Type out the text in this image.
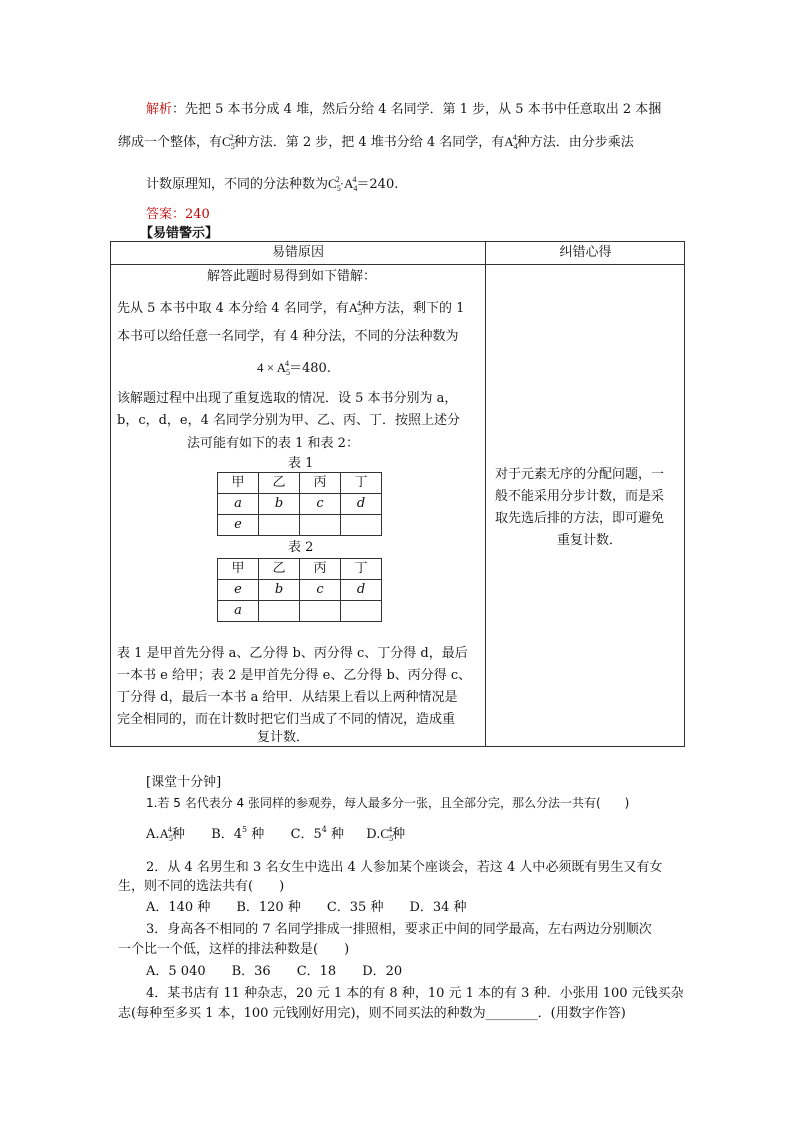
解析：先把 5 本书分成 4 堆，然后分给 4 名同学．第 1 步，从 5 本书中任意取出 2 本捆
绑成一个整体，有$C_5^2$种方法．第 2 步，把 4 堆书分给 4 名同学，有$A_4^4$种方法．由分步乘法
计数原理知，不同的分法种数为$C_5^2\cdot A_4^4=240$.
答案：240
【易错警示】
易错原因	纠错心得
解答此题时易得到如下错解：
先从 5 本书中取 4 本分给 4 名同学，有$A_5^4$种方法，剩下的 1
本书可以给任意一名同学，有 4 种分法，不同的分法种数为
$4 \times A_5^4=480$.
该解题过程中出现了重复选取的情况．设 5 本书分别为 a，
b，c，d，e，4 名同学分别为甲、乙、丙、丁．按照上述分
法可能有如下的表 1 和表 2：
表 1
甲	乙	丙	丁
a	b	c	d
e			
表 2
甲	乙	丙	丁
e	b	c	d
a			
表 1 是甲首先分得 a、乙分得 b、丙分得 c、丁分得 d，最后
一本书 e 给甲；表 2 是甲首先分得 e、乙分得 b、丙分得 c、
丁分得 d，最后一本书 a 给甲．从结果上看以上两种情况是
完全相同的，而在计数时把它们当成了不同的情况，造成重
复计数．
对于元素无序的分配问题，一
般不能采用分步计数，而是采
取先选后排的方法，即可避免
重复计数．
[课堂十分钟]
1.若 5 名代表分 4 张同样的参观券，每人最多分一张，且全部分完，那么分法一共有(　　)
$A.A_5^4$种 B．$4^5$ 种 C．$5^4$ 种 $D.C_5^4$种
2．从 4 名男生和 3 名女生中选出 4 人参加某个座谈会，若这 4 人中必须既有男生又有女
生，则不同的选法共有(　　)
A．140 种　　B．120 种　　C．35 种　　D．34 种
3．身高各不相同的 7 名同学排成一排照相，要求正中间的同学最高，左右两边分别顺次
一个比一个低，这样的排法种数是(　　)
A．5 040　　B．36　　C．18　　D．20
4．某书店有 11 种杂志，20 元 1 本的有 8 种，10 元 1 本的有 3 种．小张用 100 元钱买杂
志(每种至多买 1 本，100 元钱刚好用完)，则不同买法的种数为________．(用数字作答)
